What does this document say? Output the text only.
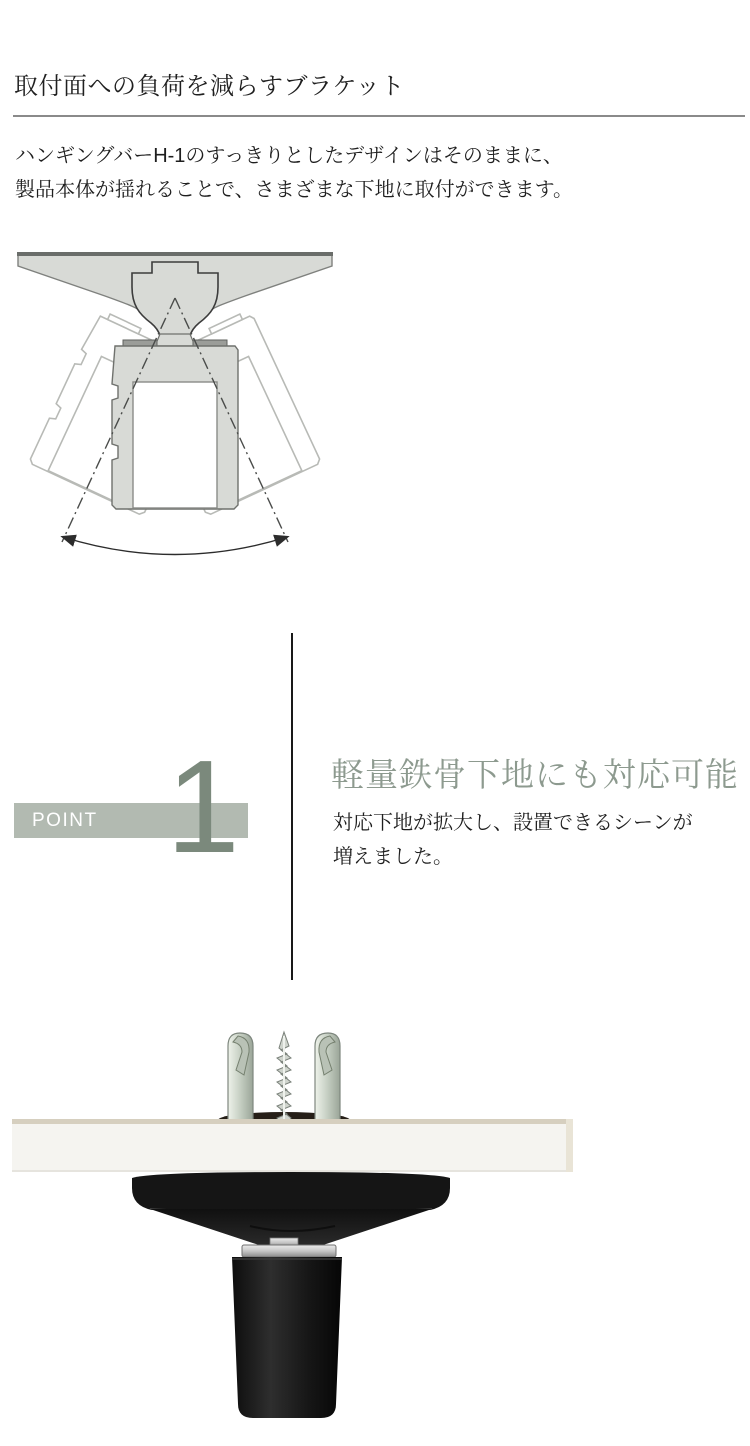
取付面への負荷を減らすブラケット

ハンギングバーH-1のすっきりとしたデザインはそのままに、
製品本体が揺れることで、さまざまな下地に取付ができます。

POINT 1	軽量鉄骨下地にも対応可能

対応下地が拡大し、設置できるシーンが
増えました。
